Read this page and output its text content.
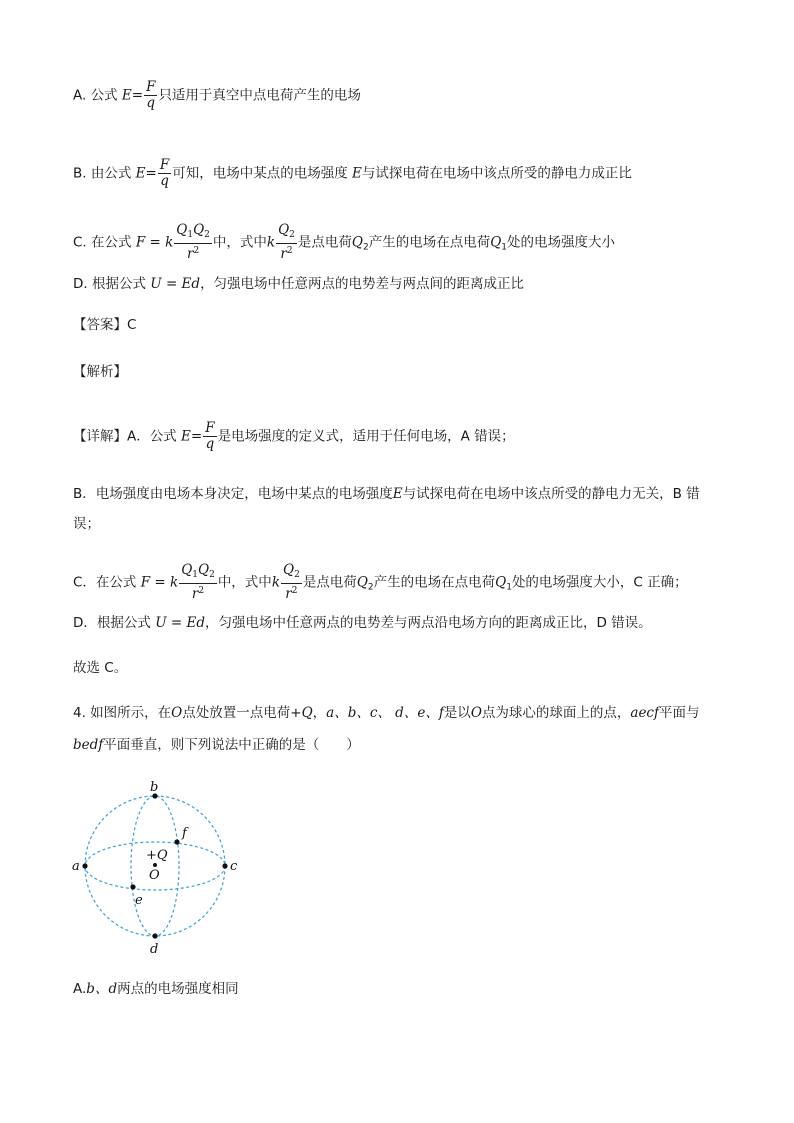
A. 公式 $E= \frac{F}{q}$ 只适用于真空中点电荷产生的电场
B. 由公式 $E= \frac{F}{q}$ 可知，电场中某点的电场强度 E与试探电荷在电场中该点所受的静电力成正比
C. 在公式 F = k $\frac{Q_1Q_2}{r^2}$ 中，式中k $\frac{Q_2}{r^2}$ 是点电荷$Q_2$产生的电场在点电荷$Q_1$处的电场强度大小
D. 根据公式 U = Ed，匀强电场中任意两点的电势差与两点间的距离成正比
【答案】C
【解析】
【详解】A．公式 $E= \frac{F}{q}$ 是电场强度的定义式，适用于任何电场，A 错误；
B．电场强度由电场本身决定，电场中某点的电场强度E与试探电荷在电场中该点所受的静电力无关，B 错
误；
C．在公式 F = k $\frac{Q_1Q_2}{r^2}$ 中，式中k $\frac{Q_2}{r^2}$ 是点电荷$Q_2$产生的电场在点电荷$Q_1$处的电场强度大小，C 正确；
D．根据公式 U = Ed，匀强电场中任意两点的电势差与两点沿电场方向的距离成正比，D 错误。
故选 C。
4. 如图所示，在O点处放置一点电荷+Q，a、b、c、 d、e、f是以O点为球心的球面上的点，aecf平面与
bedf平面垂直，则下列说法中正确的是（　　）
b
d
a	c
f
e
+Q
O
A.b、d两点的电场强度相同
